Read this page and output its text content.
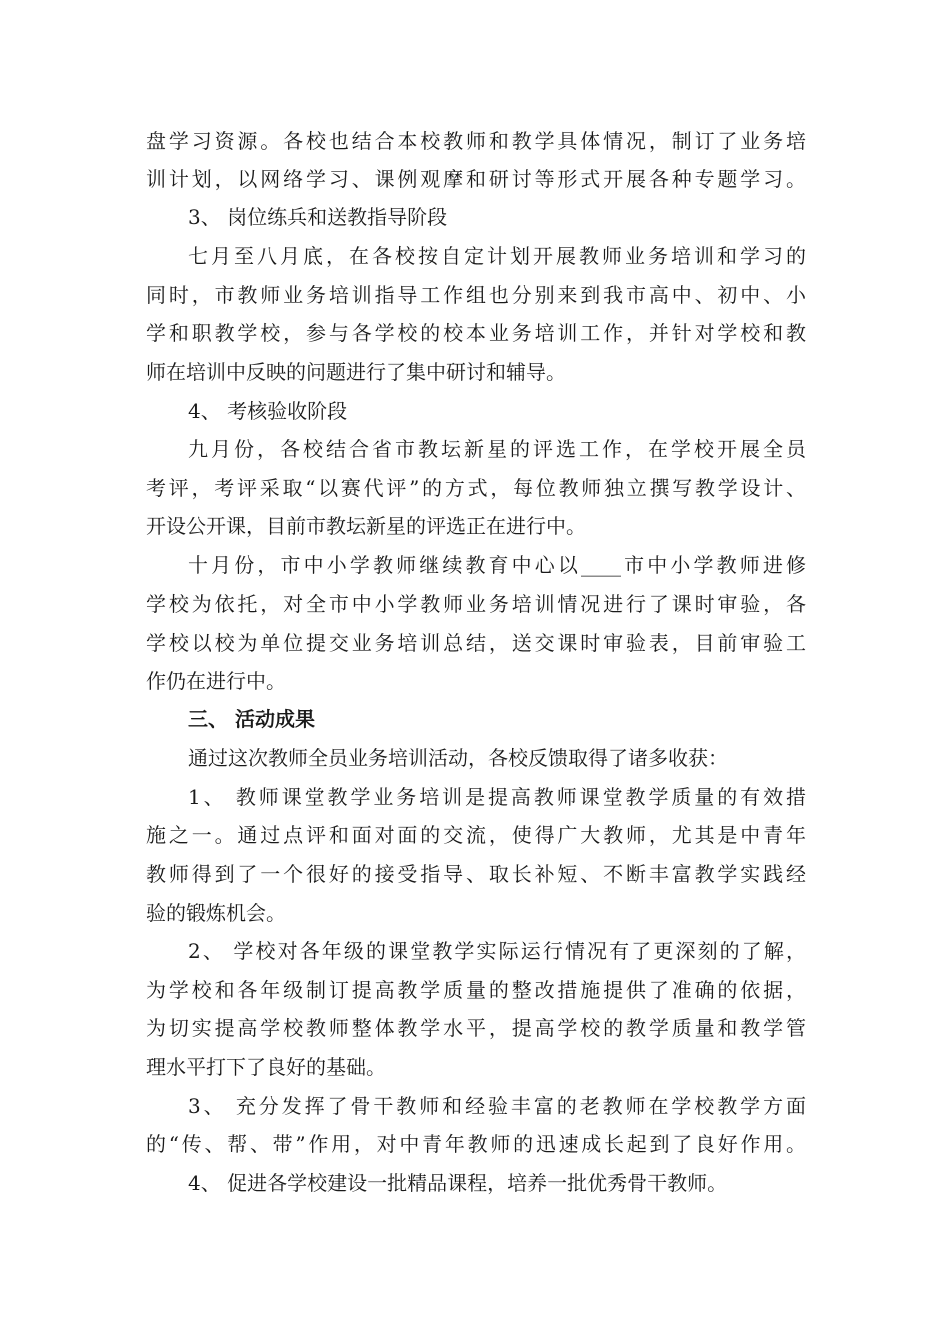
盘学习资源。各校也结合本校教师和教学具体情况，制订了业务培
训计划，以网络学习、课例观摩和研讨等形式开展各种专题学习。
3、 岗位练兵和送教指导阶段
七月至八月底，在各校按自定计划开展教师业务培训和学习的
同时，市教师业务培训指导工作组也分别来到我市高中、初中、小
学和职教学校，参与各学校的校本业务培训工作，并针对学校和教
师在培训中反映的问题进行了集中研讨和辅导。
4、 考核验收阶段
九月份，各校结合省市教坛新星的评选工作，在学校开展全员
考评，考评采取“以赛代评”的方式，每位教师独立撰写教学设计、
开设公开课，目前市教坛新星的评选正在进行中。
十月份，市中小学教师继续教育中心以____市中小学教师进修
学校为依托，对全市中小学教师业务培训情况进行了课时审验，各
学校以校为单位提交业务培训总结，送交课时审验表，目前审验工
作仍在进行中。
三、 活动成果
通过这次教师全员业务培训活动，各校反馈取得了诸多收获：
1、 教师课堂教学业务培训是提高教师课堂教学质量的有效措
施之一。通过点评和面对面的交流，使得广大教师，尤其是中青年
教师得到了一个很好的接受指导、取长补短、不断丰富教学实践经
验的锻炼机会。
2、 学校对各年级的课堂教学实际运行情况有了更深刻的了解，
为学校和各年级制订提高教学质量的整改措施提供了准确的依据，
为切实提高学校教师整体教学水平，提高学校的教学质量和教学管
理水平打下了良好的基础。
3、 充分发挥了骨干教师和经验丰富的老教师在学校教学方面
的“传、帮、带”作用，对中青年教师的迅速成长起到了良好作用。
4、 促进各学校建设一批精品课程，培养一批优秀骨干教师。
